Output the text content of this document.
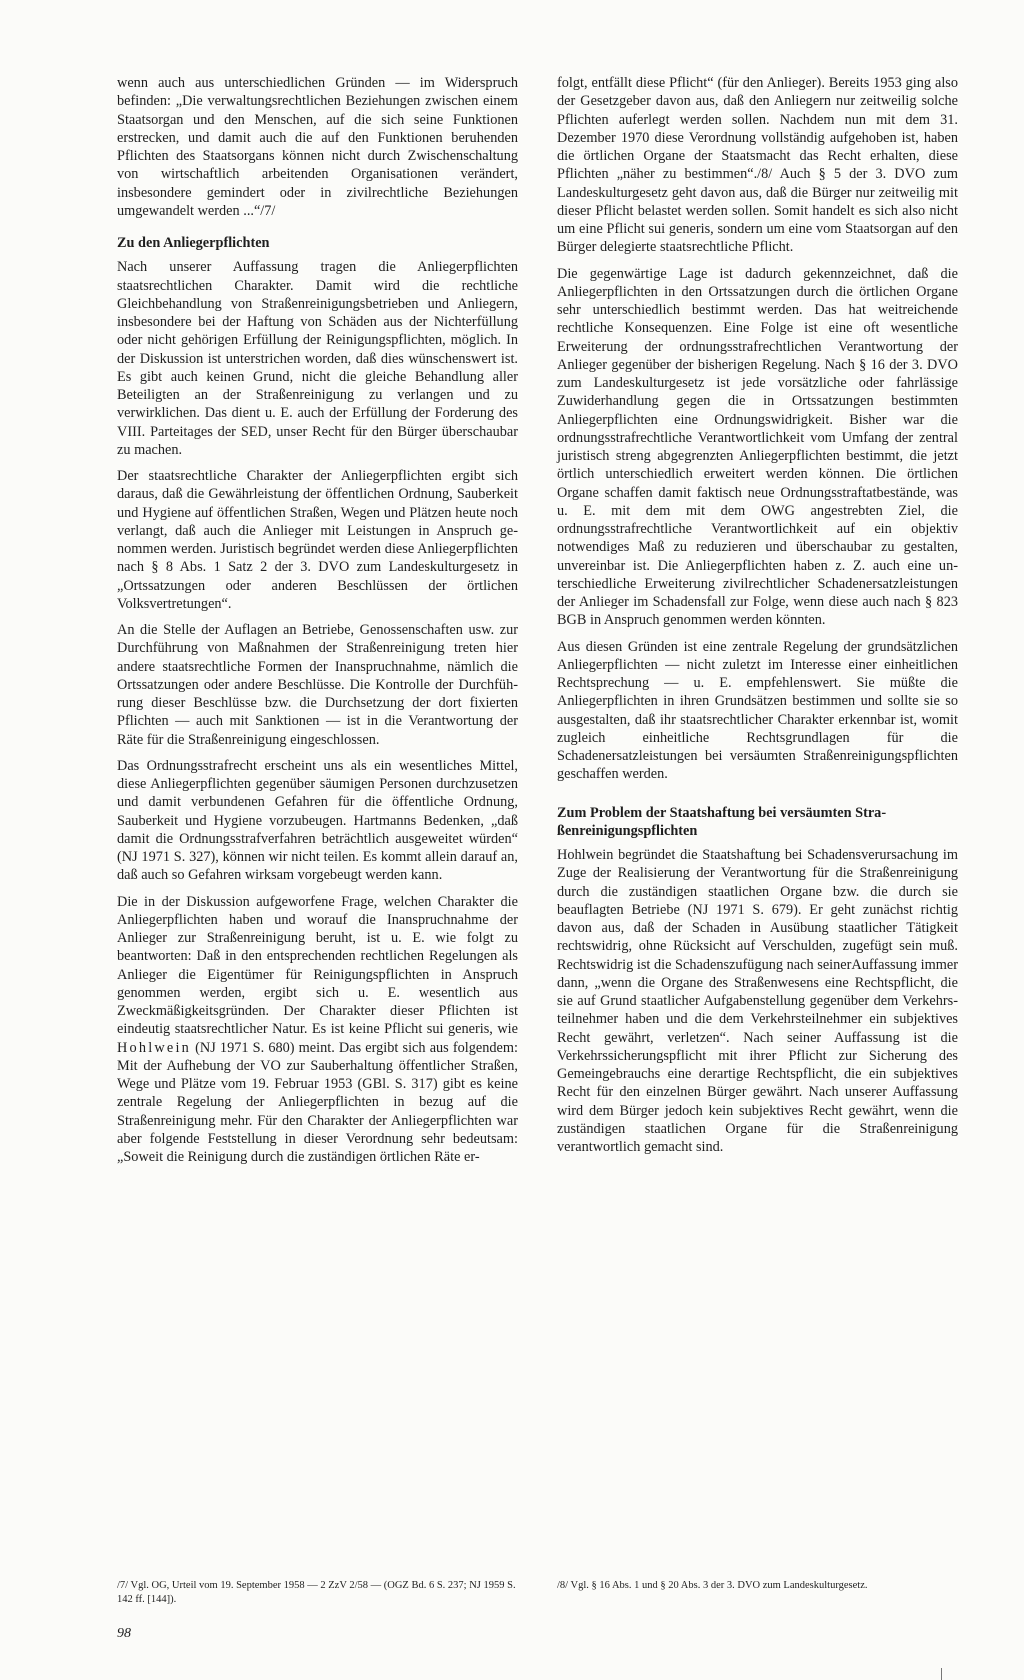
wenn auch aus unterschiedlichen Gründen — im Widerspruch befinden: „Die verwaltungsrechtlichen Beziehungen zwischen einem Staatsorgan und den Menschen, auf die sich seine Funktionen erstrecken, und damit auch die auf den Funktionen beruhenden Pflichten des Staatsorgans können nicht durch Zwischenschaltung von wirtschaftlich arbeitenden Organisationen verändert, insbesondere gemindert oder in zivilrechtliche Beziehungen umgewandelt werden ...“/7/

Zu den Anliegerpflichten

Nach unserer Auffassung tragen die Anliegerpflichten staatsrechtlichen Charakter. Damit wird die rechtliche Gleichbehandlung von Straßenreinigungsbetrieben und Anliegern, insbesondere bei der Haftung von Schäden aus der Nichterfüllung oder nicht gehörigen Erfüllung der Reinigungspflichten, möglich. In der Diskussion ist unterstrichen worden, daß dies wünschenswert ist. Es gibt auch keinen Grund, nicht die gleiche Behandlung aller Beteiligten an der Straßenreinigung zu verlangen und zu verwirklichen. Das dient u. E. auch der Erfüllung der Forderung des VIII. Parteitages der SED, unser Recht für den Bürger überschaubar zu machen.

Der staatsrechtliche Charakter der Anliegerpflichten ergibt sich daraus, daß die Gewährleistung der öffentlichen Ordnung, Sauberkeit und Hygiene auf öffentlichen Straßen, Wegen und Plätzen heute noch verlangt, daß auch die Anlieger mit Leistungen in Anspruch genommen werden. Juristisch begründet werden diese Anliegerpflichten nach § 8 Abs. 1 Satz 2 der 3. DVO zum Landeskulturgesetz in „Ortssatzungen oder anderen Beschlüssen der örtlichen Volksvertretungen“.

An die Stelle der Auflagen an Betriebe, Genossenschaften usw. zur Durchführung von Maßnahmen der Straßenreinigung treten hier andere staatsrechtliche Formen der Inanspruchnahme, nämlich die Ortssatzungen oder andere Beschlüsse. Die Kontrolle der Durchführung dieser Beschlüsse bzw. die Durchsetzung der dort fixierten Pflichten — auch mit Sanktionen — ist in die Verantwortung der Räte für die Straßenreinigung eingeschlossen.

Das Ordnungsstrafrecht erscheint uns als ein wesentliches Mittel, diese Anliegerpflichten gegenüber säumigen Personen durchzusetzen und damit verbundenen Gefahren für die öffentliche Ordnung, Sauberkeit und Hygiene vorzubeugen. Hartmanns Bedenken, „daß damit die Ordnungsstrafverfahren beträchtlich ausgeweitet würden“ (NJ 1971 S. 327), können wir nicht teilen. Es kommt allein darauf an, daß auch so Gefahren wirksam vorgebeugt werden kann.

Die in der Diskussion aufgeworfene Frage, welchen Charakter die Anliegerpflichten haben und worauf die Inanspruchnahme der Anlieger zur Straßenreinigung beruht, ist u. E. wie folgt zu beantworten: Daß in den entsprechenden rechtlichen Regelungen als Anlieger die Eigentümer für Reinigungspflichten in Anspruch genommen werden, ergibt sich u. E. wesentlich aus Zweckmäßigkeitsgründen. Der Charakter dieser Pflichten ist eindeutig staatsrechtlicher Natur. Es ist keine Pflicht sui generis, wie Hohlwein (NJ 1971 S. 680) meint. Das ergibt sich aus folgendem: Mit der Aufhebung der VO zur Sauberhaltung öffentlicher Straßen, Wege und Plätze vom 19. Februar 1953 (GBl. S. 317) gibt es keine zentrale Regelung der Anliegerpflichten in bezug auf die Straßenreinigung mehr. Für den Charakter der Anliegerpflichten war aber folgende Feststellung in dieser Verordnung sehr bedeutsam: „Soweit die Reinigung durch die zuständigen örtlichen Räte er-

folgt, entfällt diese Pflicht“ (für den Anlieger). Bereits 1953 ging also der Gesetzgeber davon aus, daß den Anliegern nur zeitweilig solche Pflichten auferlegt werden sollen. Nachdem nun mit dem 31. Dezember 1970 diese Verordnung vollständig aufgehoben ist, haben die örtlichen Organe der Staatsmacht das Recht erhalten, diese Pflichten „näher zu bestimmen“./8/ Auch § 5 der 3. DVO zum Landeskulturgesetz geht davon aus, daß die Bürger nur zeitweilig mit dieser Pflicht belastet werden sollen. Somit handelt es sich also nicht um eine Pflicht sui generis, sondern um eine vom Staatsorgan auf den Bürger delegierte staatsrechtliche Pflicht.

Die gegenwärtige Lage ist dadurch gekennzeichnet, daß die Anliegerpflichten in den Ortssatzungen durch die örtlichen Organe sehr unterschiedlich bestimmt werden. Das hat weitreichende rechtliche Konsequenzen. Eine Folge ist eine oft wesentliche Erweiterung der ordnungsstrafrechtlichen Verantwortung der Anlieger gegenüber der bisherigen Regelung. Nach § 16 der 3. DVO zum Landeskulturgesetz ist jede vorsätzliche oder fahrlässige Zuwiderhandlung gegen die in Ortssatzungen bestimmten Anliegerpflichten eine Ordnungswidrigkeit. Bisher war die ordnungsstrafrechtliche Verantwortlichkeit vom Umfang der zentral juristisch streng abgegrenzten Anliegerpflichten bestimmt, die jetzt örtlich unterschiedlich erweitert werden können. Die örtlichen Organe schaffen damit faktisch neue Ordnungsstraftatbestände, was u. E. mit dem mit dem OWG angestrebten Ziel, die ordnungsstrafrechtliche Verantwortlichkeit auf ein objektiv notwendiges Maß zu reduzieren und überschaubar zu gestalten, unvereinbar ist. Die Anliegerpflichten haben z. Z. auch eine unterschiedliche Erweiterung zivilrechtlicher Schadenersatzleistungen der Anlieger im Schadensfall zur Folge, wenn diese auch nach § 823 BGB in Anspruch genommen werden könnten.

Aus diesen Gründen ist eine zentrale Regelung der grundsätzlichen Anliegerpflichten — nicht zuletzt im Interesse einer einheitlichen Rechtsprechung — u. E. empfehlenswert. Sie müßte die Anliegerpflichten in ihren Grundsätzen bestimmen und sollte sie so ausgestalten, daß ihr staatsrechtlicher Charakter erkennbar ist, womit zugleich einheitliche Rechtsgrundlagen für die Schadenersatzleistungen bei versäumten Straßenreinigungspflichten geschaffen werden.

Zum Problem der Staatshaftung bei versäumten Straßenreinigungspflichten

Hohlwein begründet die Staatshaftung bei Schadensverursachung im Zuge der Realisierung der Verantwortung für die Straßenreinigung durch die zuständigen staatlichen Organe bzw. die durch sie beauflagten Betriebe (NJ 1971 S. 679). Er geht zunächst richtig davon aus, daß der Schaden in Ausübung staatlicher Tätigkeit rechtswidrig, ohne Rücksicht auf Verschulden, zugefügt sein muß. Rechtswidrig ist die Schadenszufügung nach seinerAuffassung immer dann, „wenn die Organe des Straßenwesens eine Rechtspflicht, die sie auf Grund staatlicher Aufgabenstellung gegenüber dem Verkehrsteilnehmer haben und die dem Verkehrsteilnehmer ein subjektives Recht gewährt, verletzen“. Nach seiner Auffassung ist die Verkehrssicherungspflicht mit ihrer Pflicht zur Sicherung des Gemeingebrauchs eine derartige Rechtspflicht, die ein subjektives Recht für den einzelnen Bürger gewährt. Nach unserer Auffassung wird dem Bürger jedoch kein subjektives Recht gewährt, wenn die zuständigen staatlichen Organe für die Straßenreinigung verantwortlich gemacht sind.

/7/ Vgl. OG, Urteil vom 19. September 1958 — 2 ZzV 2/58 — (OGZ Bd. 6 S. 237; NJ 1959 S. 142 ff. [144]).
/8/ Vgl. § 16 Abs. 1 und § 20 Abs. 3 der 3. DVO zum Landeskulturgesetz.
98
